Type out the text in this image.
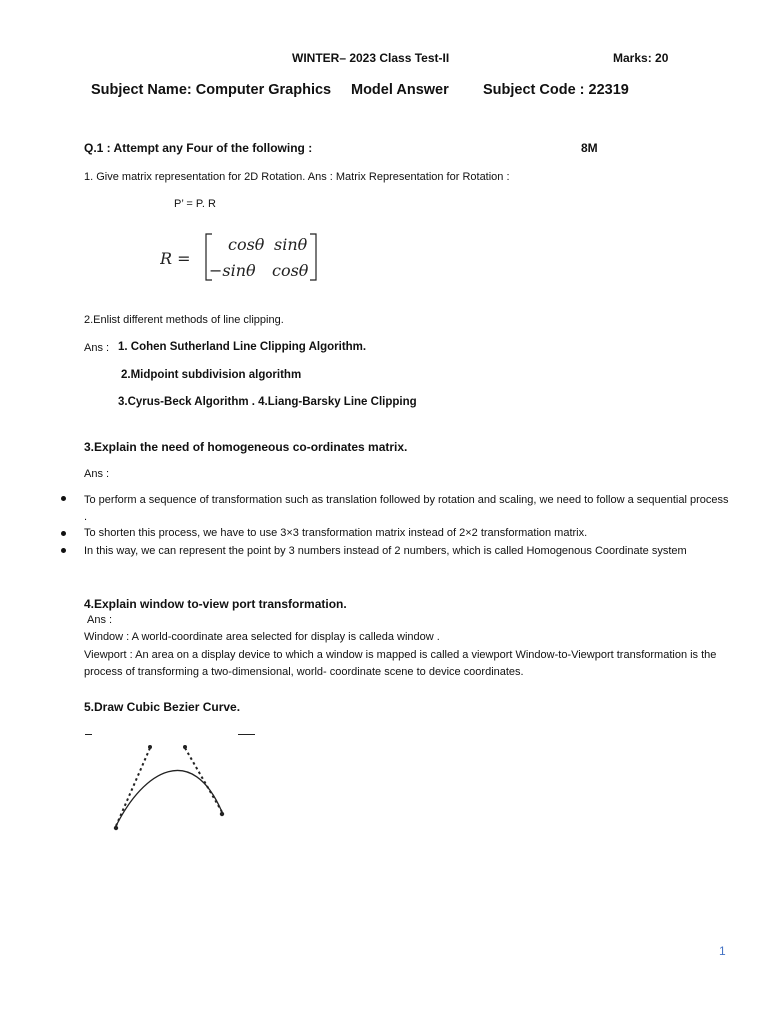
WINTER– 2023 Class Test-II	Marks: 20
Subject Name: Computer Graphics Model Answer Subject Code : 22319
Q.1 : Attempt any Four of the following :	8M
1. Give matrix representation for 2D Rotation. Ans : Matrix Representation for Rotation :
P’ = P. R
R =
cosθ sinθ
−sinθ cosθ
2.Enlist different methods of line clipping.
Ans : 1. Cohen Sutherland Line Clipping Algorithm.
2.Midpoint subdivision algorithm
3.Cyrus-Beck Algorithm . 4.Liang-Barsky Line Clipping
3.Explain the need of homogeneous co-ordinates matrix.
Ans :
To perform a sequence of transformation such as translation followed by rotation and scaling, we need to follow a sequential process .
To shorten this process, we have to use 3×3 transformation matrix instead of 2×2 transformation matrix.
In this way, we can represent the point by 3 numbers instead of 2 numbers, which is called Homogenous Coordinate system
4.Explain window to-view port transformation.
Ans :
Window : A world-coordinate area selected for display is calleda window .
Viewport : An area on a display device to which a window is mapped is called a viewport Window-to-Viewport transformation is the process of transforming a two-dimensional, world- coordinate scene to device coordinates.
5.Draw Cubic Bezier Curve.
1
